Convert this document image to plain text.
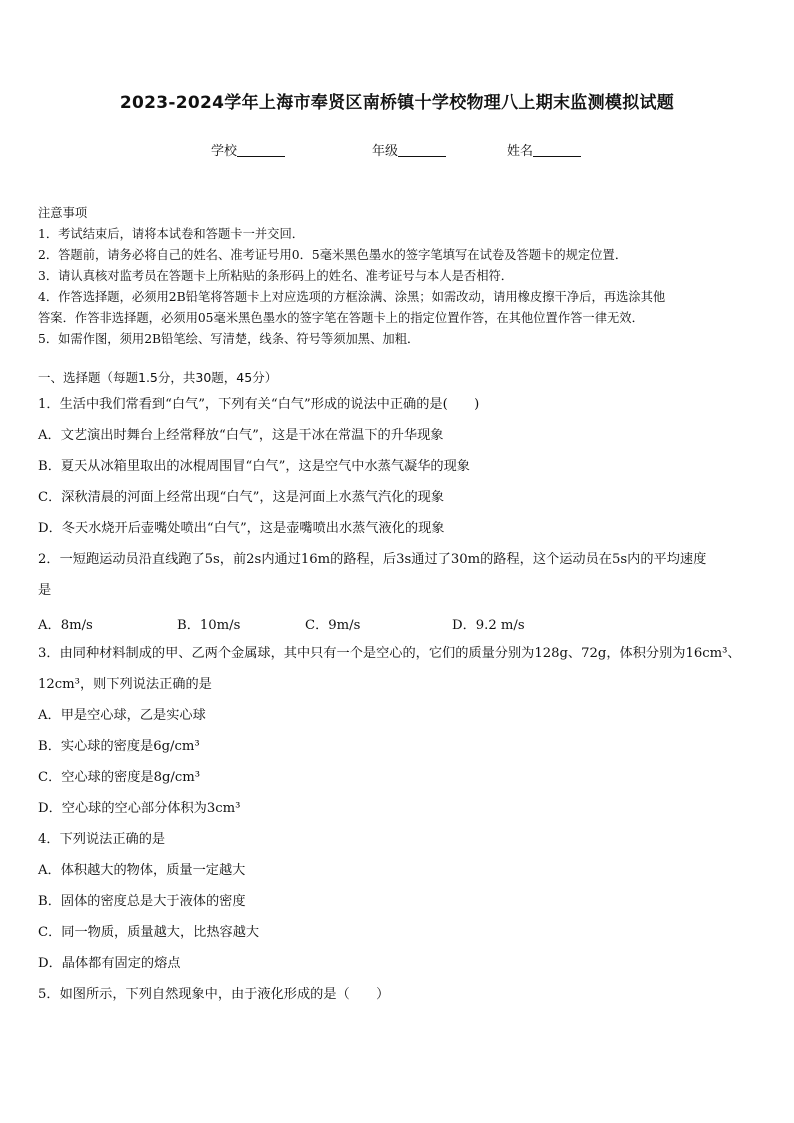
2023-2024学年上海市奉贤区南桥镇十学校物理八上期末监测模拟试题
学校	年级	姓名

注意事项

1．考试结束后，请将本试卷和答题卡一并交回．

2．答题前，请务必将自己的姓名、准考证号用0．5毫米黑色墨水的签字笔填写在试卷及答题卡的规定位置．

3．请认真核对监考员在答题卡上所粘贴的条形码上的姓名、准考证号与本人是否相符．

4．作答选择题，必须用2B铅笔将答题卡上对应选项的方框涂满、涂黑；如需改动，请用橡皮擦干净后，再选涂其他

答案．作答非选择题，必须用05毫米黑色墨水的签字笔在答题卡上的指定位置作答，在其他位置作答一律无效．

5．如需作图，须用2B铅笔绘、写清楚，线条、符号等须加黑、加粗．

一、选择题（每题1.5分，共30题，45分）
1．生活中我们常看到“白气”，下列有关“白气”形成的说法中正确的是(　　)
A．文艺演出时舞台上经常释放“白气”，这是干冰在常温下的升华现象
B．夏天从冰箱里取出的冰棍周围冒“白气”，这是空气中水蒸气凝华的现象
C．深秋清晨的河面上经常出现“白气”，这是河面上水蒸气汽化的现象
D．冬天水烧开后壶嘴处喷出“白气”，这是壶嘴喷出水蒸气液化的现象
2．一短跑运动员沿直线跑了5s，前2s内通过16m的路程，后3s通过了30m的路程，这个运动员在5s内的平均速度
是
A．8m/s	B．10m/s	C．9m/s	D．9.2 m/s
3．由同种材料制成的甲、乙两个金属球，其中只有一个是空心的，它们的质量分别为128g、72g，体积分别为16cm³、
12cm³，则下列说法正确的是
A．甲是空心球，乙是实心球
B．实心球的密度是6g/cm³
C．空心球的密度是8g/cm³
D．空心球的空心部分体积为3cm³
4．下列说法正确的是
A．体积越大的物体，质量一定越大
B．固体的密度总是大于液体的密度
C．同一物质，质量越大，比热容越大
D．晶体都有固定的熔点
5．如图所示，下列自然现象中，由于液化形成的是（　　）
